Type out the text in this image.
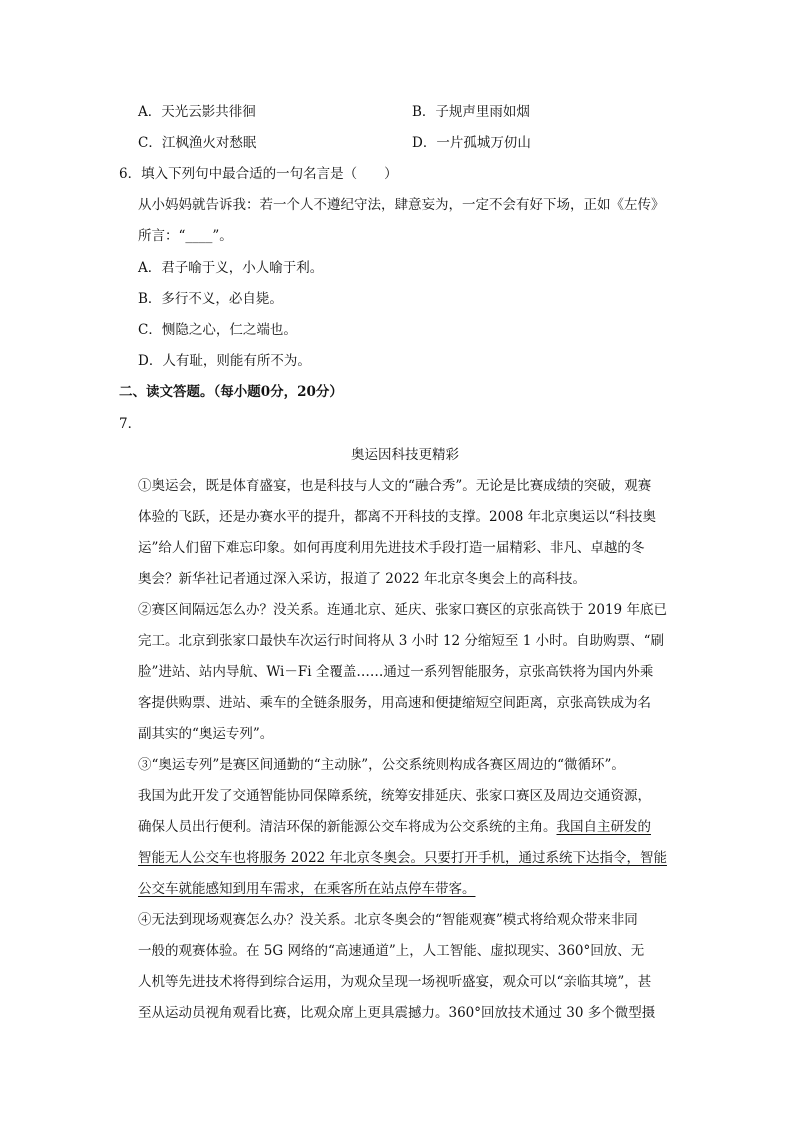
A．天光云影共徘徊	B．子规声里雨如烟
C．江枫渔火对愁眠	D．一片孤城万仞山
6．填入下列句中最合适的一句名言是（　　）
从小妈妈就告诉我：若一个人不遵纪守法，肆意妄为，一定不会有好下场，正如《左传》
所言：“____”。
A．君子喻于义，小人喻于利。
B．多行不义，必自毙。
C．恻隐之心，仁之端也。
D．人有耻，则能有所不为。
二、读文答题。（每小题0分，20分）
7．
奥运因科技更精彩
①奥运会，既是体育盛宴，也是科技与人文的“融合秀”。无论是比赛成绩的突破，观赛
体验的飞跃，还是办赛水平的提升，都离不开科技的支撑。2008 年北京奥运以“科技奥
运”给人们留下难忘印象。如何再度利用先进技术手段打造一届精彩、非凡、卓越的冬
奥会？新华社记者通过深入采访，报道了 2022 年北京冬奥会上的高科技。
②赛区间隔远怎么办？没关系。连通北京、延庆、张家口赛区的京张高铁于 2019 年底已
完工。北京到张家口最快车次运行时间将从 3 小时 12 分缩短至 1 小时。自助购票、“刷
脸”进站、站内导航、Wi－Fi 全覆盖……通过一系列智能服务，京张高铁将为国内外乘
客提供购票、进站、乘车的全链条服务，用高速和便捷缩短空间距离，京张高铁成为名
副其实的“奥运专列”。
③“奥运专列”是赛区间通勤的“主动脉”，公交系统则构成各赛区周边的“微循环”。
我国为此开发了交通智能协同保障系统，统筹安排延庆、张家口赛区及周边交通资源，
确保人员出行便利。清洁环保的新能源公交车将成为公交系统的主角。我国自主研发的
智能无人公交车也将服务 2022 年北京冬奥会。只要打开手机，通过系统下达指令，智能
公交车就能感知到用车需求，在乘客所在站点停车带客。
④无法到现场观赛怎么办？没关系。北京冬奥会的“智能观赛”模式将给观众带来非同
一般的观赛体验。在 5G 网络的“高速通道”上，人工智能、虚拟现实、360°回放、无
人机等先进技术将得到综合运用，为观众呈现一场视听盛宴，观众可以“亲临其境”，甚
至从运动员视角观看比赛，比观众席上更具震撼力。360°回放技术通过 30 多个微型摄
